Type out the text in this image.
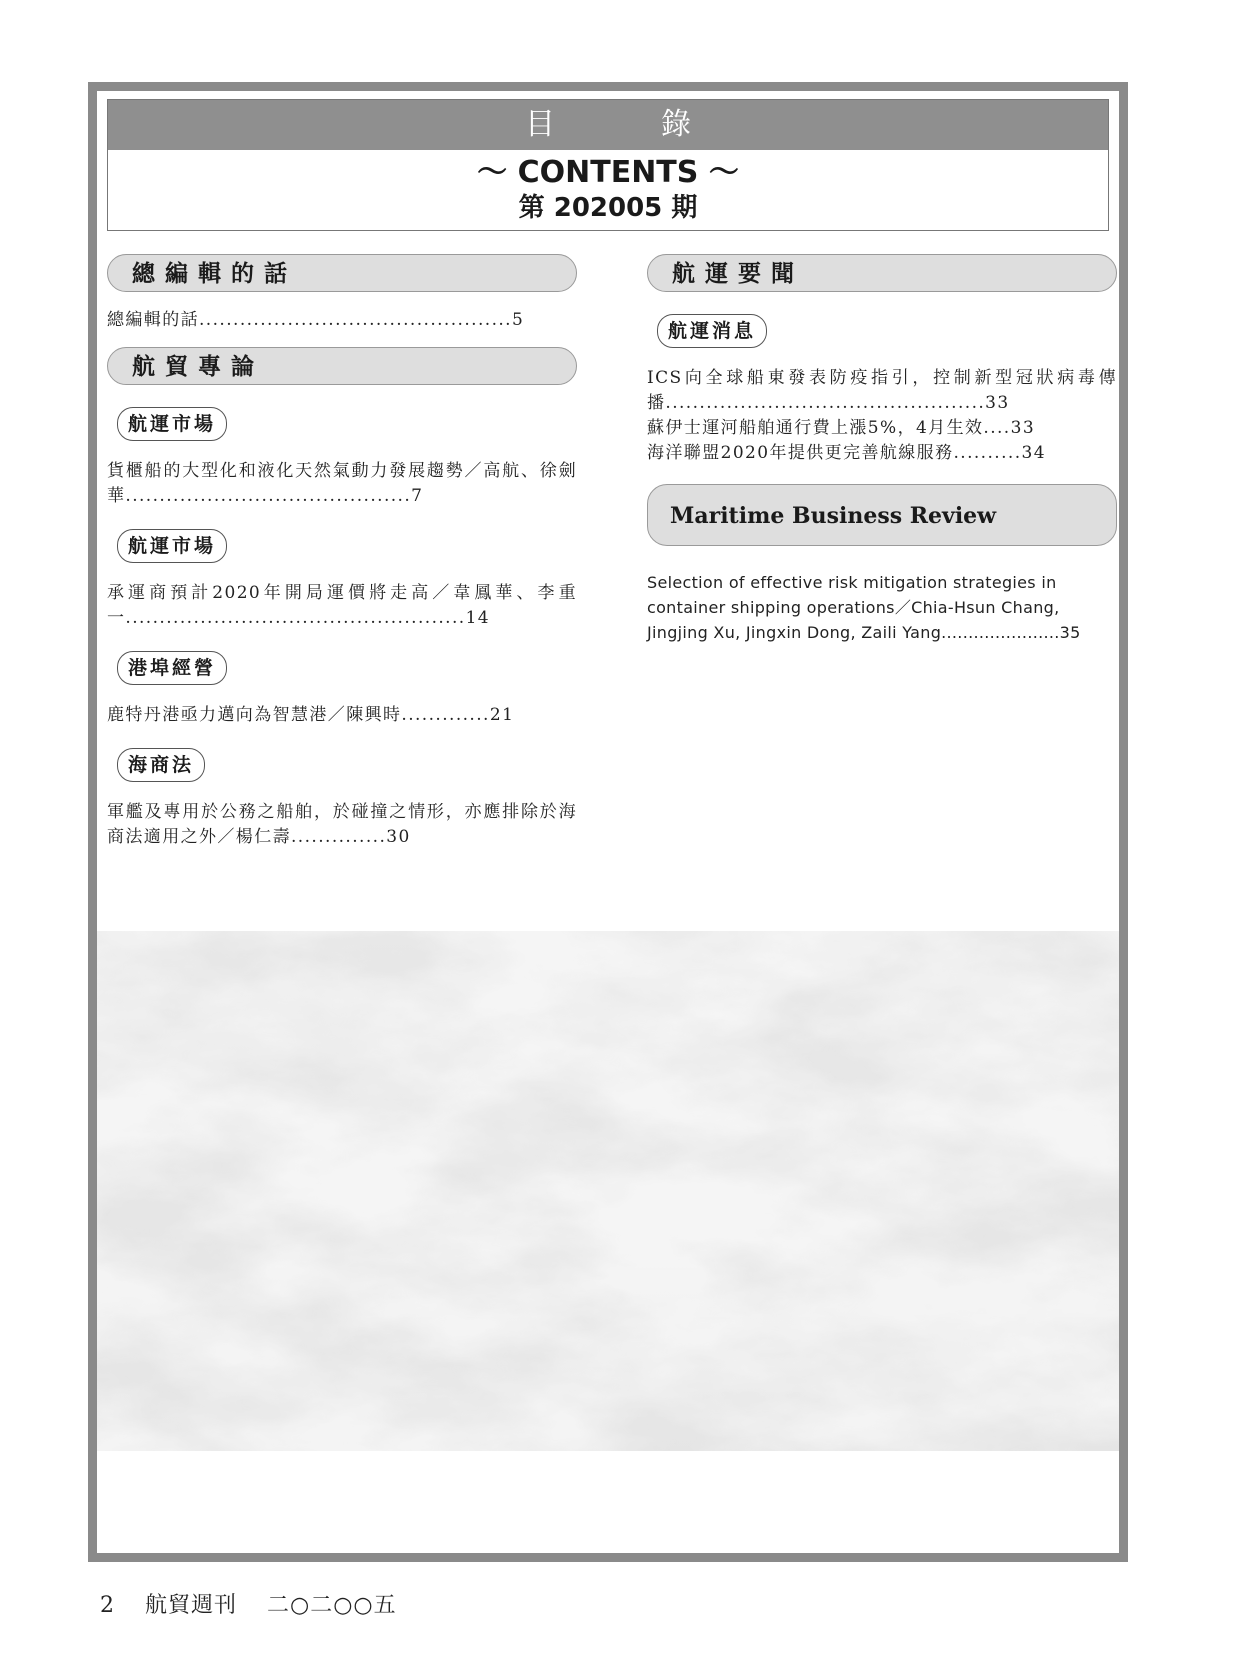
目　錄
～ CONTENTS ～
第 202005 期
總編輯的話
總編輯的話..............................................5
航貿專論
航運市場
貨櫃船的大型化和液化天然氣動力發展趨勢／高航、徐劍華..........................................7
航運市場
承運商預計2020年開局運價將走高／韋鳳華、李重一..................................................14
港埠經營
鹿特丹港亟力邁向為智慧港／陳興時.............21
海商法
軍艦及專用於公務之船舶，於碰撞之情形，亦應排除於海商法適用之外／楊仁壽..............30
航運要聞
航運消息
ICS向全球船東發表防疫指引，控制新型冠狀病毒傳播...............................................33
蘇伊士運河船舶通行費上漲5%，4月生效....33
海洋聯盟2020年提供更完善航線服務..........34
Maritime Business Review
Selection of effective risk mitigation strategies in container shipping operations／Chia-Hsun Chang, Jingjing Xu, Jingxin Dong, Zaili Yang......................35
2 航貿週刊 二○二○○五
